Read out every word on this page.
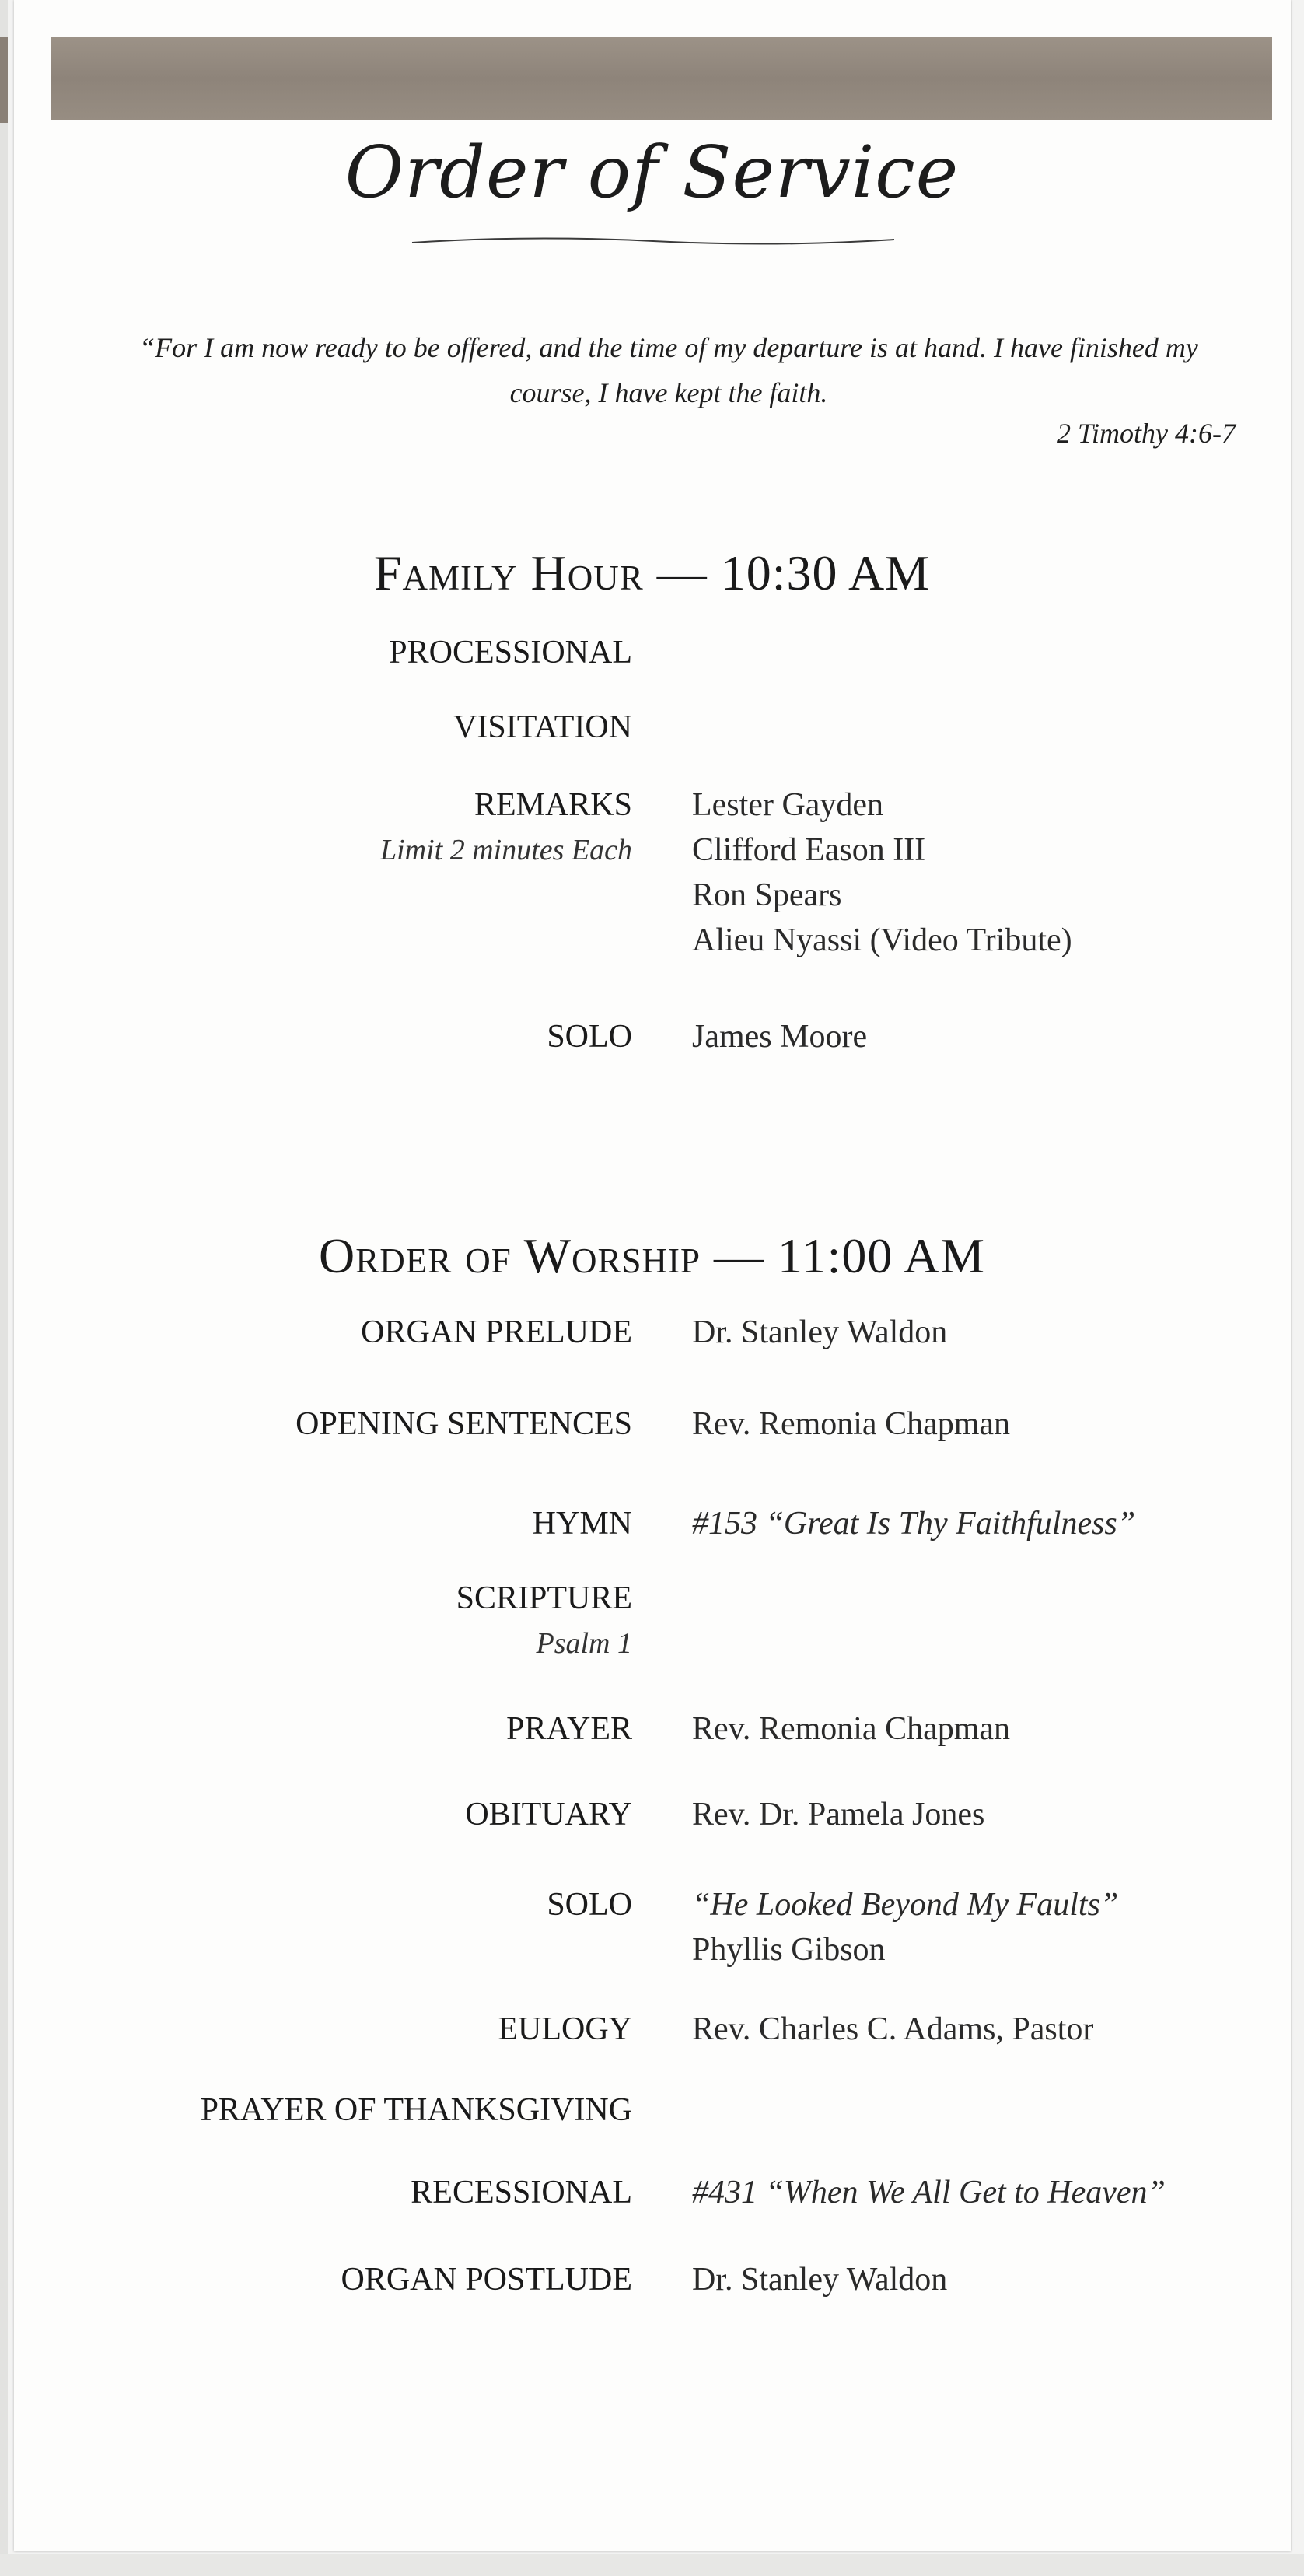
Order of Service
“For I am now ready to be offered, and the time of my departure is at hand. I have finished my course, I have kept the faith.
2 Timothy 4:6-7
Family Hour — 10:30 AM
PROCESSIONAL
VISITATION
REMARKS
Limit 2 minutes Each
Lester Gayden
Clifford Eason III
Ron Spears
Alieu Nyassi (Video Tribute)
SOLO James Moore
Order of Worship — 11:00 AM
ORGAN PRELUDE Dr. Stanley Waldon
OPENING SENTENCES Rev. Remonia Chapman
HYMN #153 “Great Is Thy Faithfulness”
SCRIPTURE
Psalm 1
PRAYER Rev. Remonia Chapman
OBITUARY Rev. Dr. Pamela Jones
SOLO “He Looked Beyond My Faults”
Phyllis Gibson
EULOGY Rev. Charles C. Adams, Pastor
PRAYER OF THANKSGIVING
RECESSIONAL #431 “When We All Get to Heaven”
ORGAN POSTLUDE Dr. Stanley Waldon
